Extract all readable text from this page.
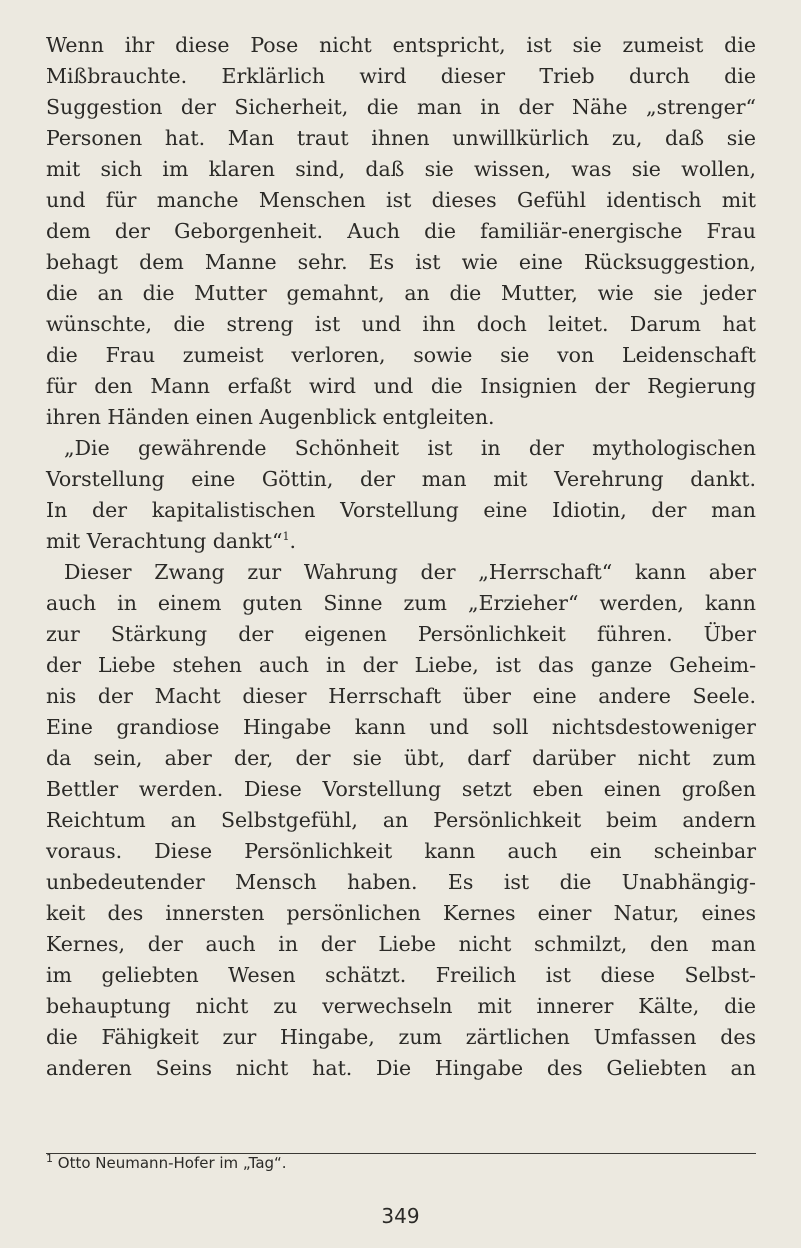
Wenn ihr diese Pose nicht entspricht, ist sie zumeist die
Mißbrauchte. Erklärlich wird dieser Trieb durch die
Suggestion der Sicherheit, die man in der Nähe „strenger“
Personen hat. Man traut ihnen unwillkürlich zu, daß sie
mit sich im klaren sind, daß sie wissen, was sie wollen,
und für manche Menschen ist dieses Gefühl identisch mit
dem der Geborgenheit. Auch die familiär-energische Frau
behagt dem Manne sehr. Es ist wie eine Rücksuggestion,
die an die Mutter gemahnt, an die Mutter, wie sie jeder
wünschte, die streng ist und ihn doch leitet. Darum hat
die Frau zumeist verloren, sowie sie von Leidenschaft
für den Mann erfaßt wird und die Insignien der Regierung
ihren Händen einen Augenblick entgleiten.
„Die gewährende Schönheit ist in der mythologischen
Vorstellung eine Göttin, der man mit Verehrung dankt.
In der kapitalistischen Vorstellung eine Idiotin, der man
mit Verachtung dankt“$^1$.
Dieser Zwang zur Wahrung der „Herrschaft“ kann aber
auch in einem guten Sinne zum „Erzieher“ werden, kann
zur Stärkung der eigenen Persönlichkeit führen. Über
der Liebe stehen auch in der Liebe, ist das ganze Geheim-
nis der Macht dieser Herrschaft über eine andere Seele.
Eine grandiose Hingabe kann und soll nichtsdestoweniger
da sein, aber der, der sie übt, darf darüber nicht zum
Bettler werden. Diese Vorstellung setzt eben einen großen
Reichtum an Selbstgefühl, an Persönlichkeit beim andern
voraus. Diese Persönlichkeit kann auch ein scheinbar
unbedeutender Mensch haben. Es ist die Unabhängig-
keit des innersten persönlichen Kernes einer Natur, eines
Kernes, der auch in der Liebe nicht schmilzt, den man
im geliebten Wesen schätzt. Freilich ist diese Selbst-
behauptung nicht zu verwechseln mit innerer Kälte, die
die Fähigkeit zur Hingabe, zum zärtlichen Umfassen des
anderen Seins nicht hat. Die Hingabe des Geliebten an
$^1$ Otto Neumann-Hofer im „Tag“.
349
